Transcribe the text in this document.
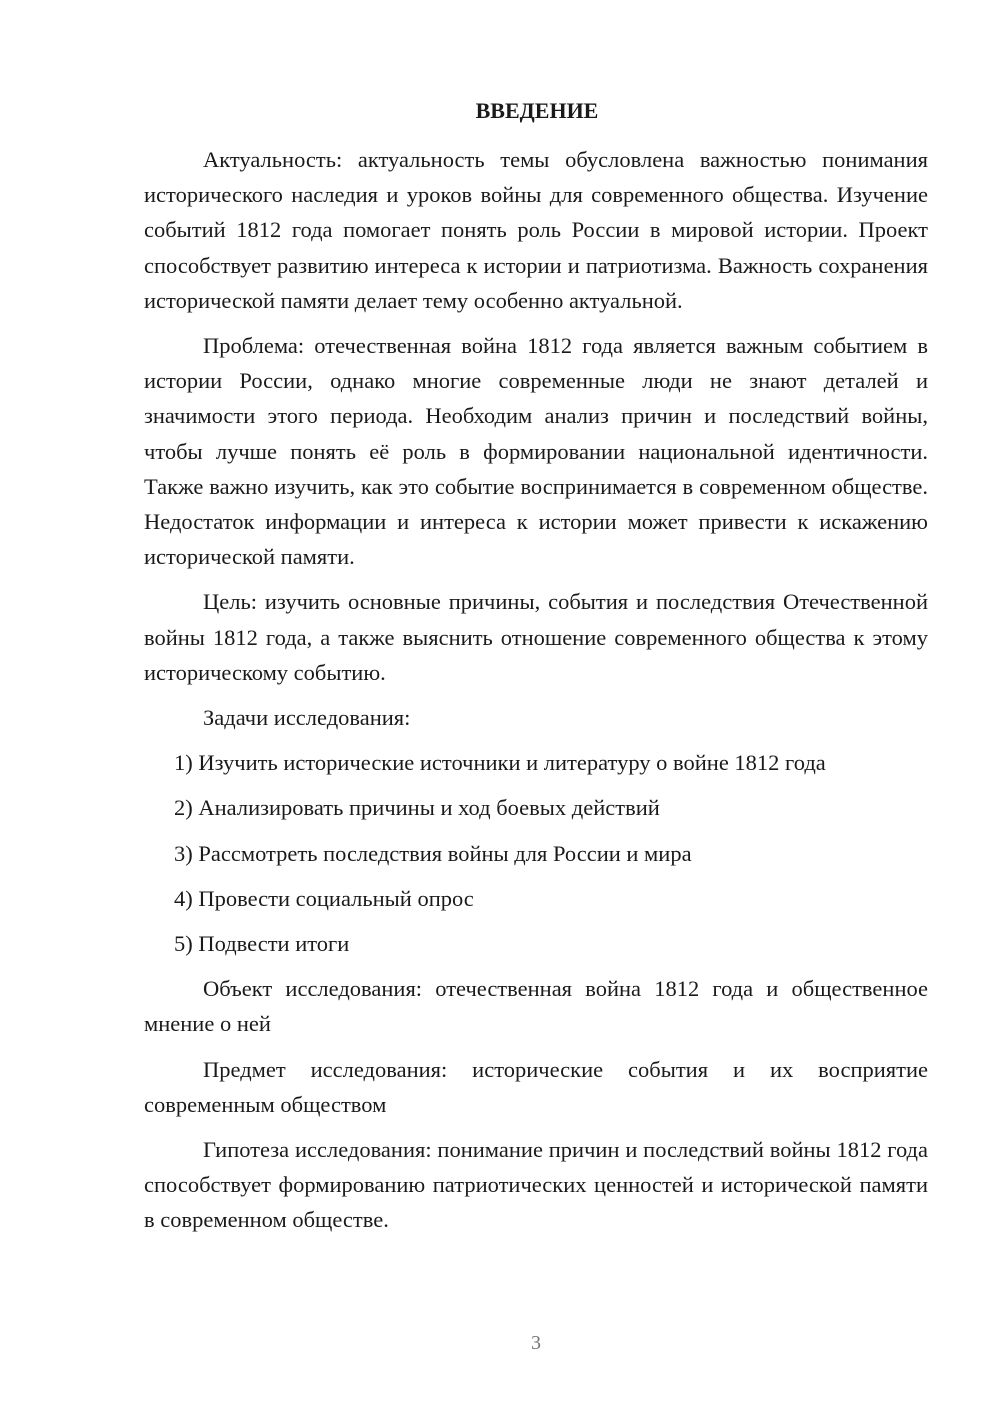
ВВЕДЕНИЕ

Актуальность: актуальность темы обусловлена важностью понимания исторического наследия и уроков войны для современного общества. Изучение событий 1812 года помогает понять роль России в мировой истории. Проект способствует развитию интереса к истории и патриотизма. Важность сохранения исторической памяти делает тему особенно актуальной.

Проблема: отечественная война 1812 года является важным событием в истории России, однако многие современные люди не знают деталей и значимости этого периода. Необходим анализ причин и последствий войны, чтобы лучше понять её роль в формировании национальной идентичности. Также важно изучить, как это событие воспринимается в современном обществе. Недостаток информации и интереса к истории может привести к искажению исторической памяти.

Цель: изучить основные причины, события и последствия Отечественной войны 1812 года, а также выяснить отношение современного общества к этому историческому событию.

Задачи исследования:

1) Изучить исторические источники и литературу о войне 1812 года
2) Анализировать причины и ход боевых действий
3) Рассмотреть последствия войны для России и мира
4) Провести социальный опрос
5) Подвести итоги

Объект исследования: отечественная война 1812 года и общественное мнение о ней

Предмет исследования: исторические события и их восприятие современным обществом

Гипотеза исследования: понимание причин и последствий войны 1812 года способствует формированию патриотических ценностей и исторической памяти в современном обществе.

3
